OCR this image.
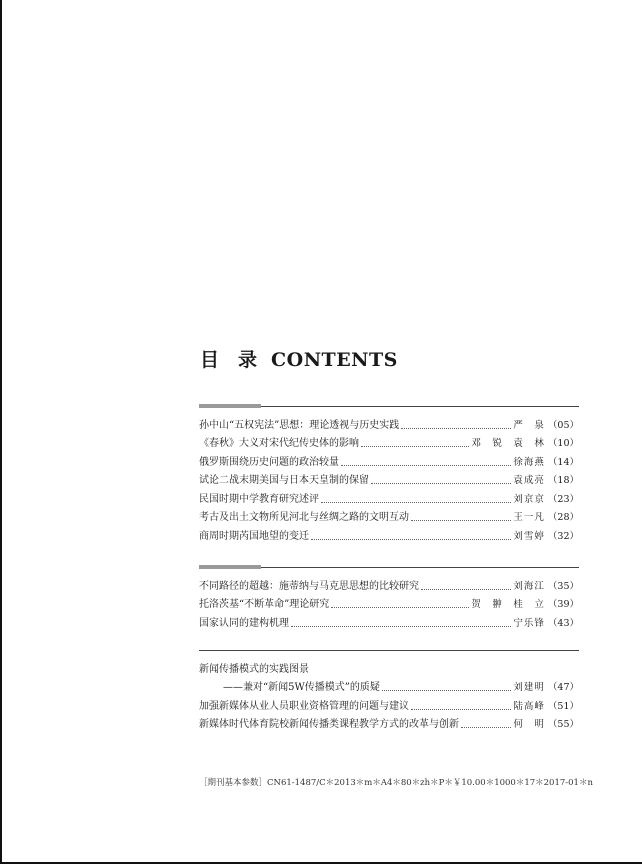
目　录 CONTENTS
孙中山“五权宪法”思想：理论透视与历史实践	严　泉 （05）
《春秋》大义对宋代纪传史体的影响	邓　锐　袁　林 （10）
俄罗斯围绕历史问题的政治较量	徐海燕 （14）
试论二战末期美国与日本天皇制的保留	袁成亮 （18）
民国时期中学教育研究述评	刘京京 （23）
考古及出土文物所见河北与丝绸之路的文明互动	王一凡 （28）
商周时期芮国地望的变迁	刘雪婷 （32）
不同路径的超越：施蒂纳与马克思思想的比较研究	刘海江 （35）
托洛茨基“不断革命”理论研究	贺　翀　桂　立 （39）
国家认同的建构机理	宁乐锋 （43）
新闻传播模式的实践图景
——兼对“新闻5W传播模式”的质疑	刘建明 （47）
加强新媒体从业人员职业资格管理的问题与建议	陆高峰 （51）
新媒体时代体育院校新闻传播类课程教学方式的改革与创新	何　明 （55）
［期刊基本参数］CN61-1487/C＊2013＊m＊A4＊80＊zh＊P＊￥10.00＊1000＊17＊2017-01＊n
